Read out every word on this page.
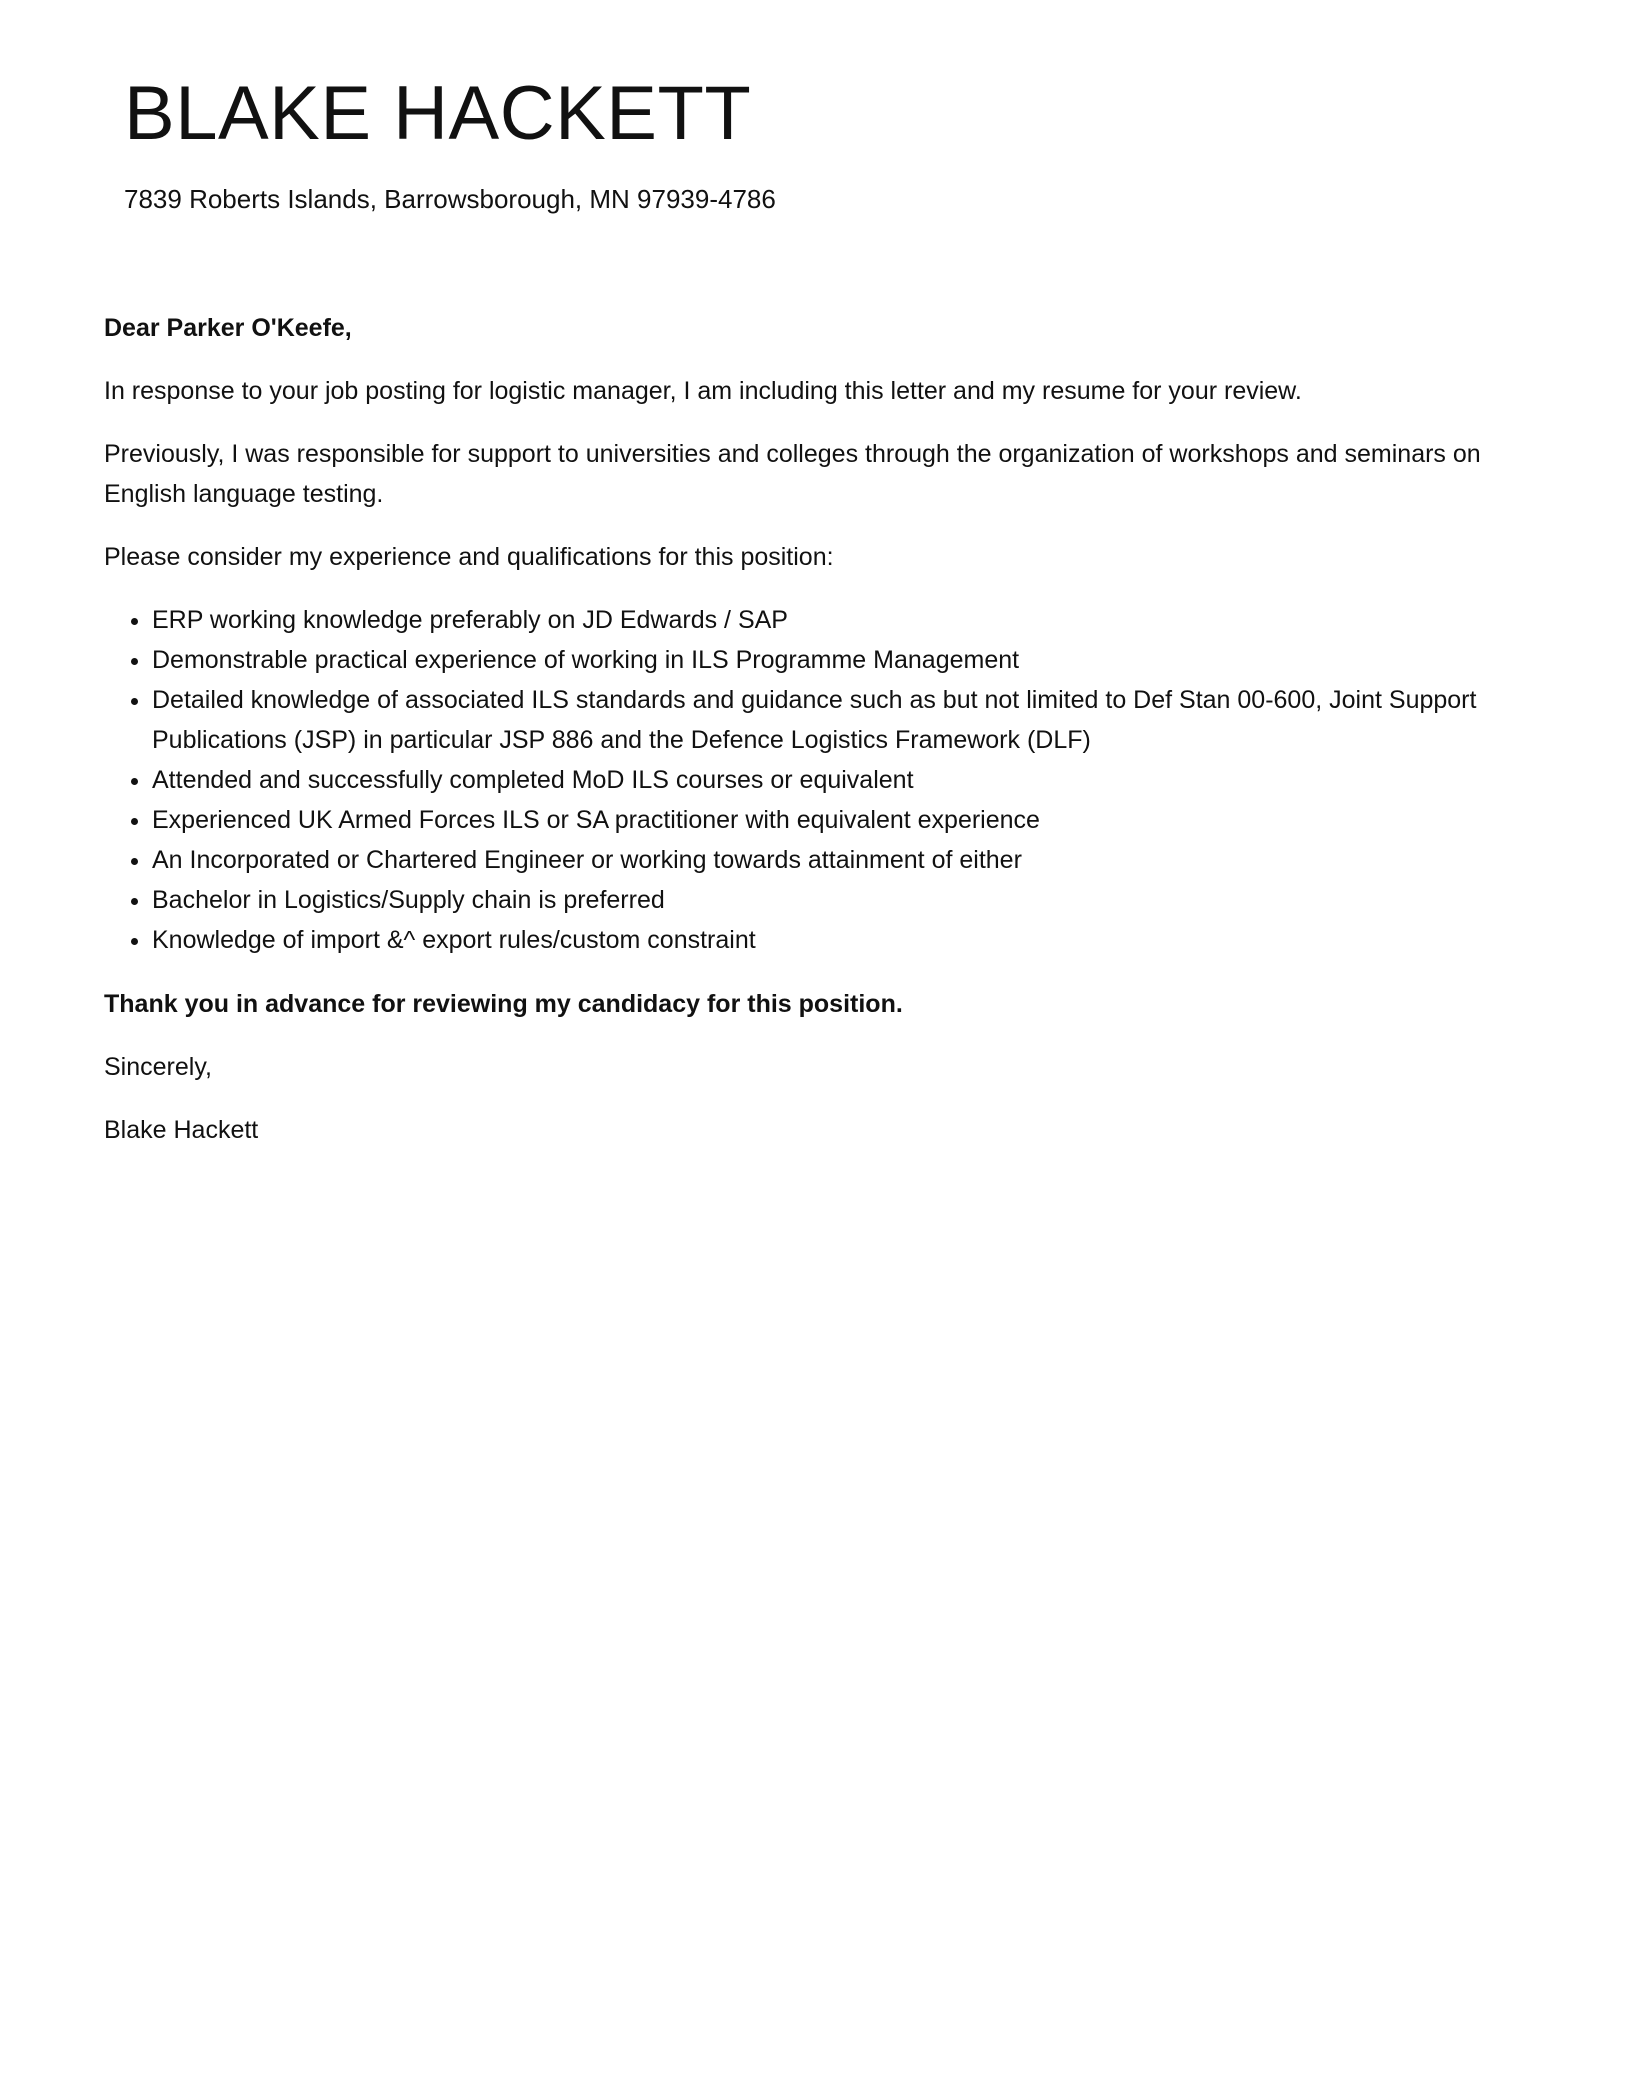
BLAKE HACKETT

7839 Roberts Islands, Barrowsborough, MN 97939-4786

Dear Parker O'Keefe,

In response to your job posting for logistic manager, I am including this letter and my resume for your review.

Previously, I was responsible for support to universities and colleges through the organization of workshops and seminars on English language testing.

Please consider my experience and qualifications for this position:

• ERP working knowledge preferably on JD Edwards / SAP
• Demonstrable practical experience of working in ILS Programme Management
• Detailed knowledge of associated ILS standards and guidance such as but not limited to Def Stan 00-600, Joint Support Publications (JSP) in particular JSP 886 and the Defence Logistics Framework (DLF)
• Attended and successfully completed MoD ILS courses or equivalent
• Experienced UK Armed Forces ILS or SA practitioner with equivalent experience
• An Incorporated or Chartered Engineer or working towards attainment of either
• Bachelor in Logistics/Supply chain is preferred
• Knowledge of import &^ export rules/custom constraint

Thank you in advance for reviewing my candidacy for this position.

Sincerely,

Blake Hackett
